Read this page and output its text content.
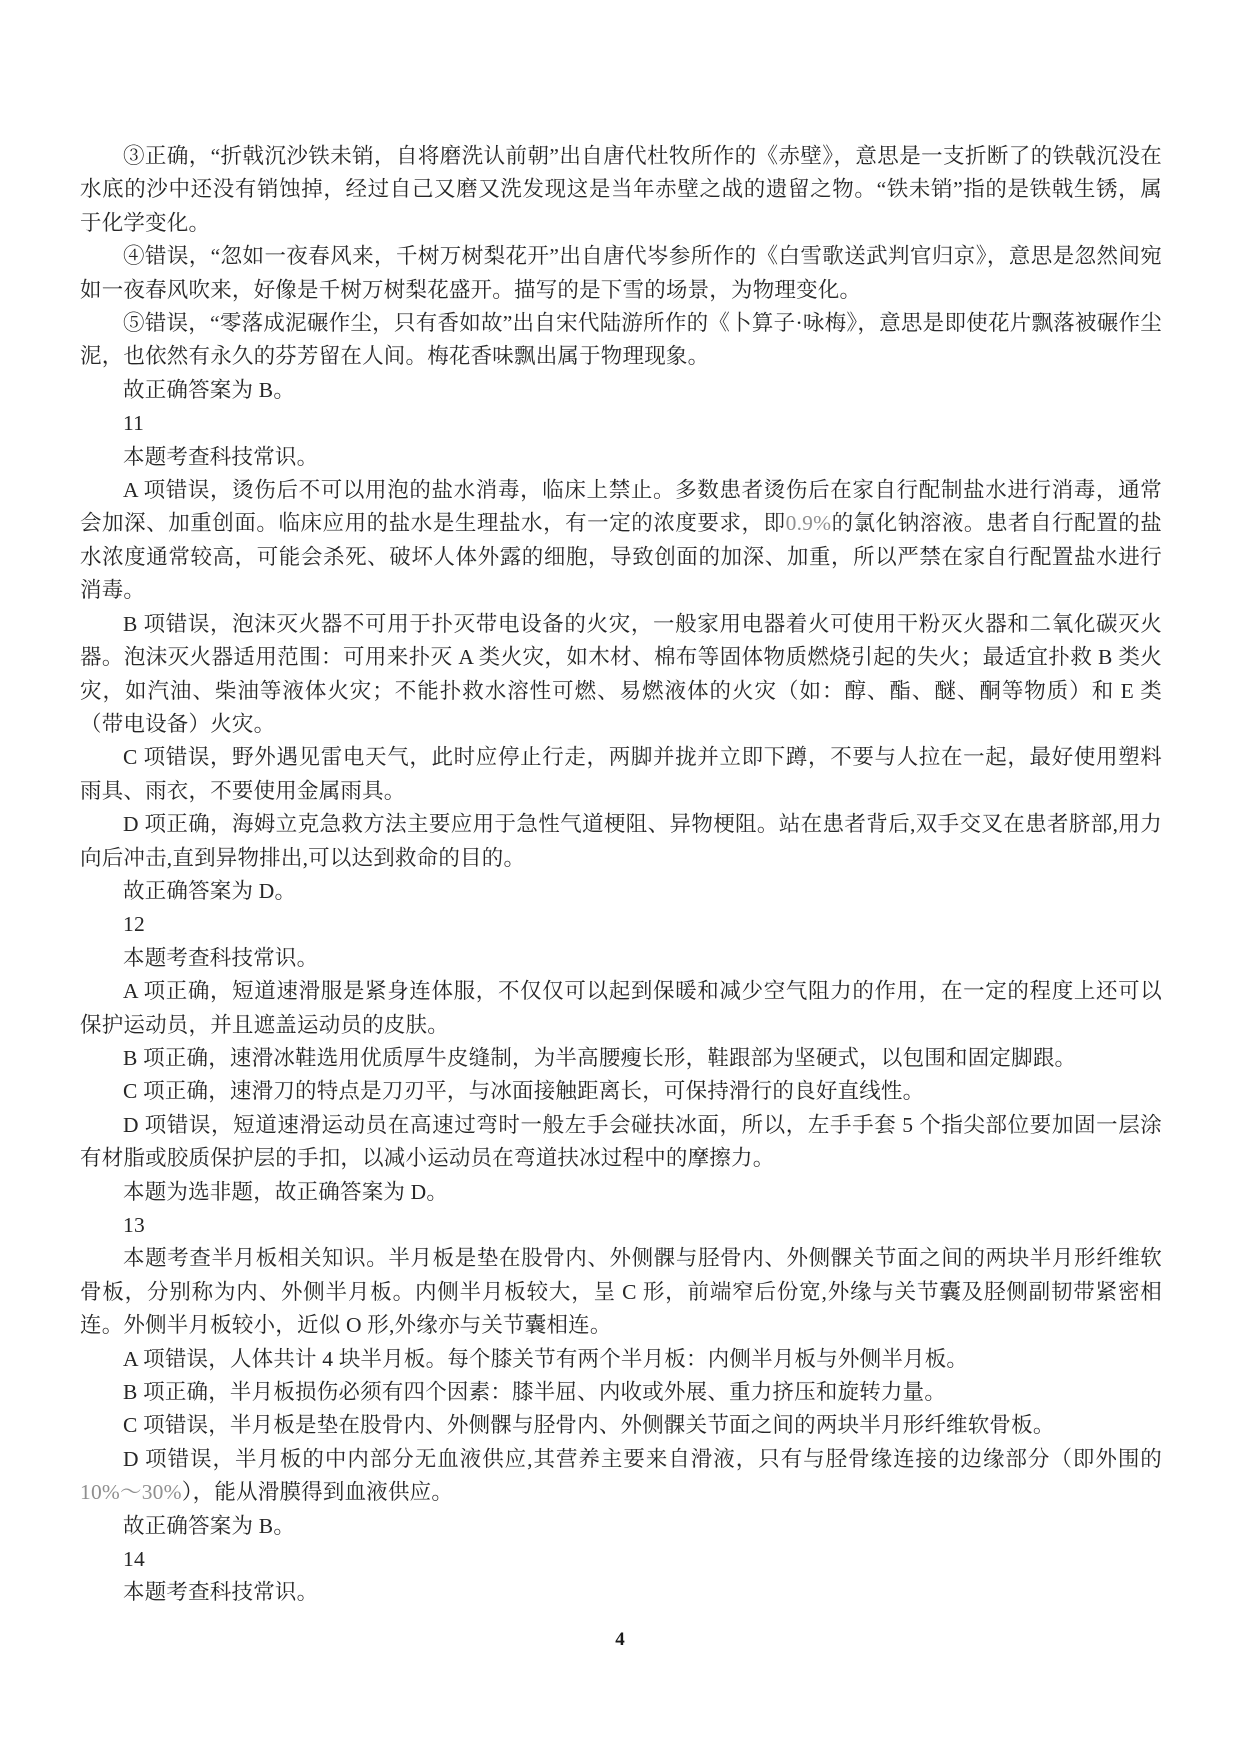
③正确，“折戟沉沙铁未销，自将磨洗认前朝”出自唐代杜牧所作的《赤壁》，意思是一支折断了的铁戟沉没在水底的沙中还没有销蚀掉，经过自己又磨又洗发现这是当年赤壁之战的遗留之物。“铁未销”指的是铁戟生锈，属于化学变化。

④错误，“忽如一夜春风来，千树万树梨花开”出自唐代岑参所作的《白雪歌送武判官归京》，意思是忽然间宛如一夜春风吹来，好像是千树万树梨花盛开。描写的是下雪的场景，为物理变化。

⑤错误，“零落成泥碾作尘，只有香如故”出自宋代陆游所作的《卜算子·咏梅》，意思是即使花片飘落被碾作尘泥，也依然有永久的芬芳留在人间。梅花香味飘出属于物理现象。

故正确答案为 B。

11

本题考查科技常识。

A 项错误，烫伤后不可以用泡的盐水消毒，临床上禁止。多数患者烫伤后在家自行配制盐水进行消毒，通常会加深、加重创面。临床应用的盐水是生理盐水，有一定的浓度要求，即0.9%的氯化钠溶液。患者自行配置的盐水浓度通常较高，可能会杀死、破坏人体外露的细胞，导致创面的加深、加重，所以严禁在家自行配置盐水进行消毒。

B 项错误，泡沫灭火器不可用于扑灭带电设备的火灾，一般家用电器着火可使用干粉灭火器和二氧化碳灭火器。泡沫灭火器适用范围：可用来扑灭 A 类火灾，如木材、棉布等固体物质燃烧引起的失火；最适宜扑救 B 类火灾，如汽油、柴油等液体火灾；不能扑救水溶性可燃、易燃液体的火灾（如：醇、酯、醚、酮等物质）和 E 类（带电设备）火灾。

C 项错误，野外遇见雷电天气，此时应停止行走，两脚并拢并立即下蹲，不要与人拉在一起，最好使用塑料雨具、雨衣，不要使用金属雨具。

D 项正确，海姆立克急救方法主要应用于急性气道梗阻、异物梗阻。站在患者背后,双手交叉在患者脐部,用力向后冲击,直到异物排出,可以达到救命的目的。

故正确答案为 D。

12

本题考查科技常识。

A 项正确，短道速滑服是紧身连体服，不仅仅可以起到保暖和减少空气阻力的作用，在一定的程度上还可以保护运动员，并且遮盖运动员的皮肤。

B 项正确，速滑冰鞋选用优质厚牛皮缝制，为半高腰瘦长形，鞋跟部为坚硬式，以包围和固定脚跟。

C 项正确，速滑刀的特点是刀刃平，与冰面接触距离长，可保持滑行的良好直线性。

D 项错误，短道速滑运动员在高速过弯时一般左手会碰扶冰面，所以，左手手套 5 个指尖部位要加固一层涂有材脂或胶质保护层的手扣，以减小运动员在弯道扶冰过程中的摩擦力。

本题为选非题，故正确答案为 D。

13

本题考查半月板相关知识。半月板是垫在股骨内、外侧髁与胫骨内、外侧髁关节面之间的两块半月形纤维软骨板，分别称为内、外侧半月板。内侧半月板较大，呈 C 形，前端窄后份宽,外缘与关节囊及胫侧副韧带紧密相连。外侧半月板较小，近似 O 形,外缘亦与关节囊相连。

A 项错误，人体共计 4 块半月板。每个膝关节有两个半月板：内侧半月板与外侧半月板。

B 项正确，半月板损伤必须有四个因素：膝半屈、内收或外展、重力挤压和旋转力量。

C 项错误，半月板是垫在股骨内、外侧髁与胫骨内、外侧髁关节面之间的两块半月形纤维软骨板。

D 项错误，半月板的中内部分无血液供应,其营养主要来自滑液，只有与胫骨缘连接的边缘部分（即外围的10%～30%），能从滑膜得到血液供应。

故正确答案为 B。

14

本题考查科技常识。

4
